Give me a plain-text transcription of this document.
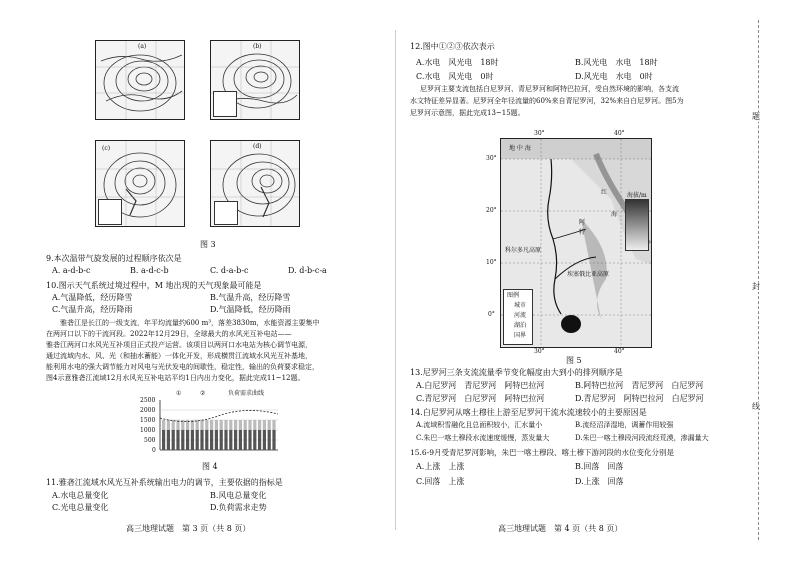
(a)	(b)
(c)	(d)
图 3
9.本次温带气旋发展的过程顺序依次是
A. a-d-b-c	B. a-d-c-b	C. d-a-b-c	D. d-b-c-a
10.图示天气系统过境过程中，M 地出现的天气现象最可能是
A.气温降低，经历降雪	B.气温升高，经历降雪
C.气温升高，经历降雨	D.气温降低，经历降雨
雅砻江是长江的一级支流，年平均流量约600 m³，落差3830m，水能资源主要集中
在两河口以下的干流河段。2022年12月29日，全球最大的水风光互补电站——
雅砻江两河口水风光互补项目正式投产运营。该项目以两河口水电站为核心调节电源，
通过流域内水、风、光（和抽水蓄能）一体化开发，形成横贯江流域水风光互补基地，
能利用水电的强大调节能力对风电与光伏发电的间歇性，稳定性，输出的负荷要求稳定，
图4示意雅砻江流域12月水风光互补电站平均1日内出力变化，据此完成11~12题。
①	②	负荷需求曲线
2500
2000
1500
1000
500
0
图 4
11.雅砻江流域水风光互补系统输出电力的调节，主要依据的指标是
A.水电总量变化	B.风电总量变化
C.光电总量变化	D.负荷需求走势
高三地理试题　第 3 页（共 8 页）
12.图中①②③依次表示
A.水电　风光电　18时	B.风光电　水电　18时
C.水电　风光电　0时	D.风光电　水电　0时
尼罗河主要支流包括白尼罗河、青尼罗河和阿特巴拉河，受自然环境的影响，各支流
水文特征差异显著。尼罗河全年径流量的60%来自青尼罗河，32%来自白尼罗河。图5为
尼罗河示意图，据此完成13~15题。
地 中 海
红
海
科尔多凡高原
埃塞俄比亚高原
阿
特
图例
城市
河流
湖泊
国界
海拔/m
30°	40°
30°
20°
10°
0°
30°	40°
图 5
13.尼罗河三条支流流量季节变化幅度由大到小的排列顺序是
A.白尼罗河　青尼罗河　阿特巴拉河	B.阿特巴拉河　青尼罗河　白尼罗河
C.青尼罗河　白尼罗河　阿特巴拉河	D.青尼罗河　阿特巴拉河　白尼罗河
14.白尼罗河从喀土穆往上游至尼罗河干流水流速较小的主要原因是
A.流域积雪融化且总面积较小，汇水量小	B.流经沼泽湿地，调蓄作用较强
C.朱巴一喀土穆段水流速度缓慢，蒸发量大	D.朱巴一喀土穆段河段流经荒漠，渗漏量大
15.6-9月受青尼罗河影响，朱巴一喀土穆段、喀土穆下游河段的水位变化分别是
A.上涨　上涨	B.回落　回落
C.回落　上涨	D.上涨　回落
高三地理试题　第 4 页（共 8 页）
题
封
线
